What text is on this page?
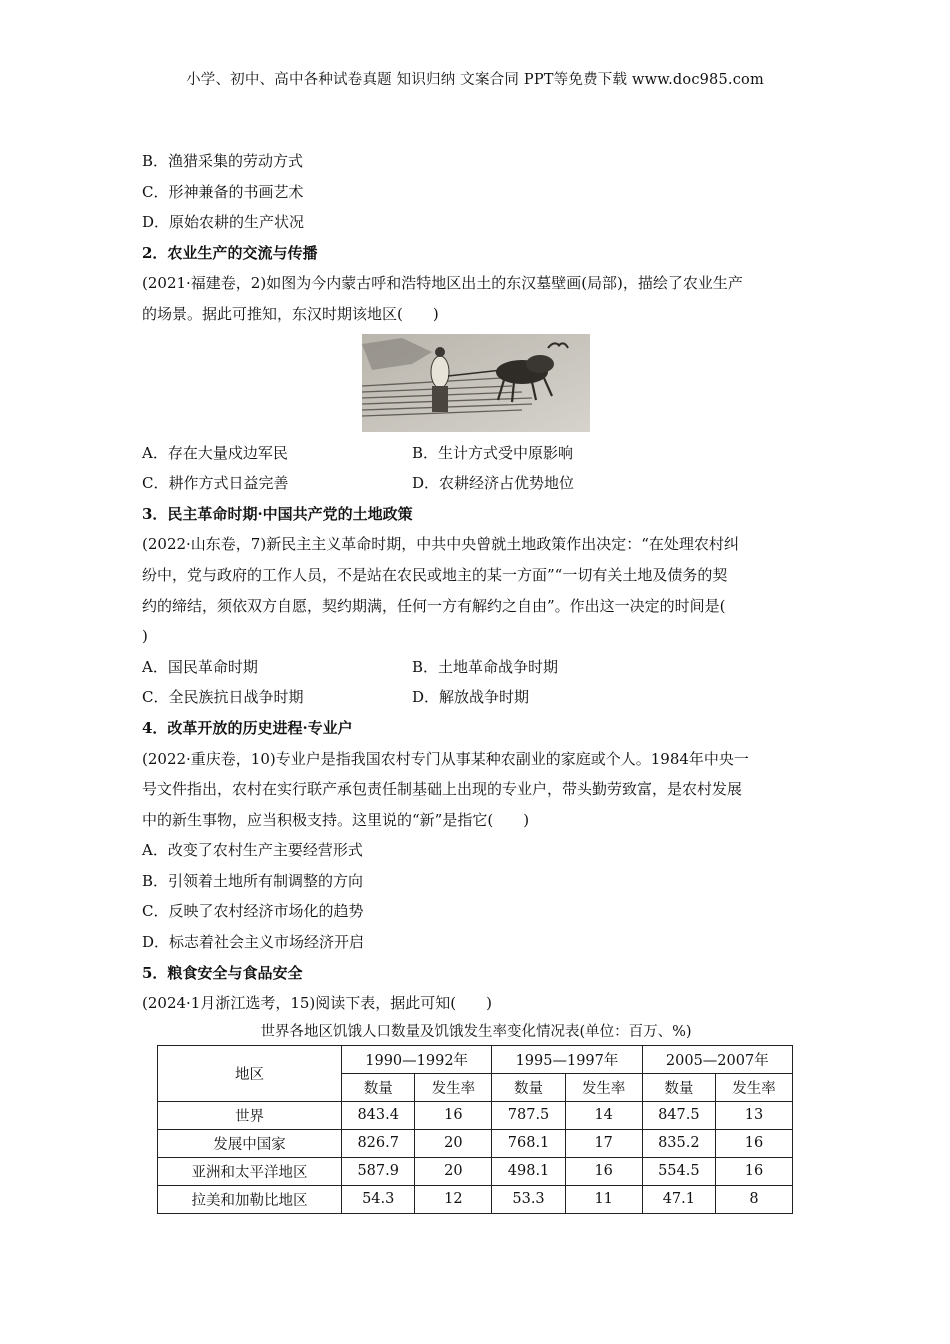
小学、初中、高中各种试卷真题 知识归纳 文案合同 PPT等免费下载 www.doc985.com
B．渔猎采集的劳动方式
C．形神兼备的书画艺术
D．原始农耕的生产状况
2．农业生产的交流与传播
(2021·福建卷，2)如图为今内蒙古呼和浩特地区出土的东汉墓壁画(局部)，描绘了农业生产
的场景。据此可推知，东汉时期该地区(　　)
A．存在大量戍边军民	B．生计方式受中原影响
C．耕作方式日益完善	D．农耕经济占优势地位
3．民主革命时期·中国共产党的土地政策
(2022·山东卷，7)新民主主义革命时期，中共中央曾就土地政策作出决定：“在处理农村纠
纷中，党与政府的工作人员，不是站在农民或地主的某一方面”“一切有关土地及债务的契
约的缔结，须依双方自愿，契约期满，任何一方有解约之自由”。作出这一决定的时间是(
)
A．国民革命时期	B．土地革命战争时期
C．全民族抗日战争时期	D．解放战争时期
4．改革开放的历史进程·专业户
(2022·重庆卷，10)专业户是指我国农村专门从事某种农副业的家庭或个人。1984年中央一
号文件指出，农村在实行联产承包责任制基础上出现的专业户，带头勤劳致富，是农村发展
中的新生事物，应当积极支持。这里说的“新”是指它(　　)
A．改变了农村生产主要经营形式
B．引领着土地所有制调整的方向
C．反映了农村经济市场化的趋势
D．标志着社会主义市场经济开启
5．粮食安全与食品安全
(2024·1月浙江选考，15)阅读下表，据此可知(　　)
世界各地区饥饿人口数量及饥饿发生率变化情况表(单位：百万、%)
地区	1990—1992年		1995—1997年		2005—2007年	
	数量	发生率	数量	发生率	数量	发生率
世界	843.4	16	787.5	14	847.5	13
发展中国家	826.7	20	768.1	17	835.2	16
亚洲和太平洋地区	587.9	20	498.1	16	554.5	16
拉美和加勒比地区	54.3	12	53.3	11	47.1	8
